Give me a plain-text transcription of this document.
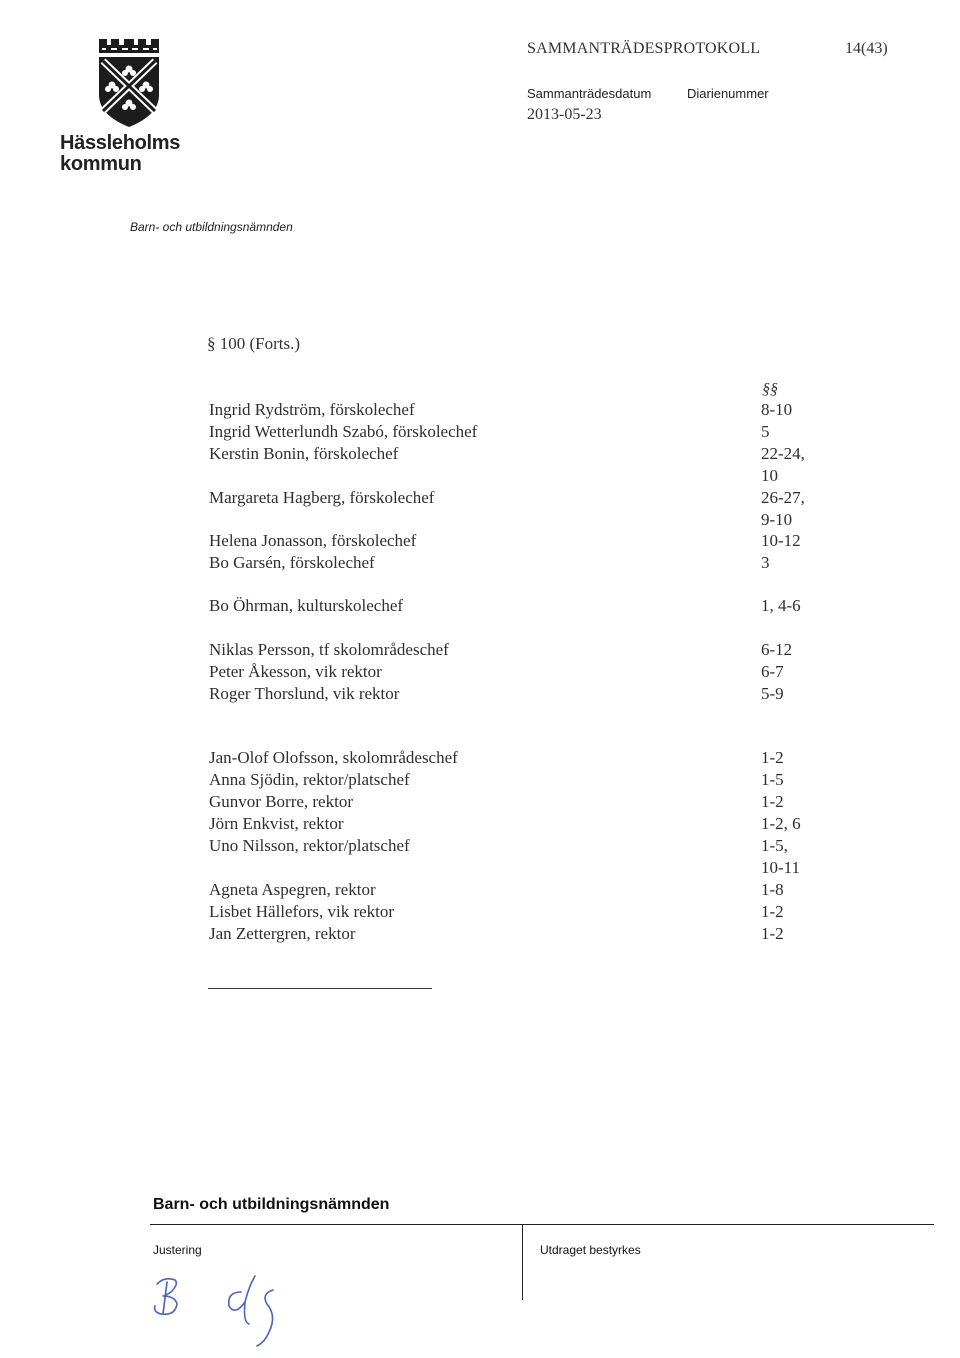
Hässleholms
kommun
SAMMANTRÄDESPROTOKOLL	14(43)
Sammanträdesdatum	Diarienummer
2013-05-23
Barn- och utbildningsnämnden
§ 100 (Forts.)
§§
Ingrid Rydström, förskolechef	8-10
Ingrid Wetterlundh Szabó, förskolechef	5
Kerstin Bonin, förskolechef	22-24,
10
Margareta Hagberg, förskolechef	26-27,
9-10
Helena Jonasson, förskolechef	10-12
Bo Garsén, förskolechef	3
Bo Öhrman, kulturskolechef	1, 4-6
Niklas Persson, tf skolområdeschef	6-12
Peter Åkesson, vik rektor	6-7
Roger Thorslund, vik rektor	5-9
Jan-Olof Olofsson, skolområdeschef	1-2
Anna Sjödin, rektor/platschef	1-5
Gunvor Borre, rektor	1-2
Jörn Enkvist, rektor	1-2, 6
Uno Nilsson, rektor/platschef	1-5,
10-11
Agneta Aspegren, rektor	1-8
Lisbet Hällefors, vik rektor	1-2
Jan Zettergren, rektor	1-2
Barn- och utbildningsnämnden
Justering	Utdraget bestyrkes
